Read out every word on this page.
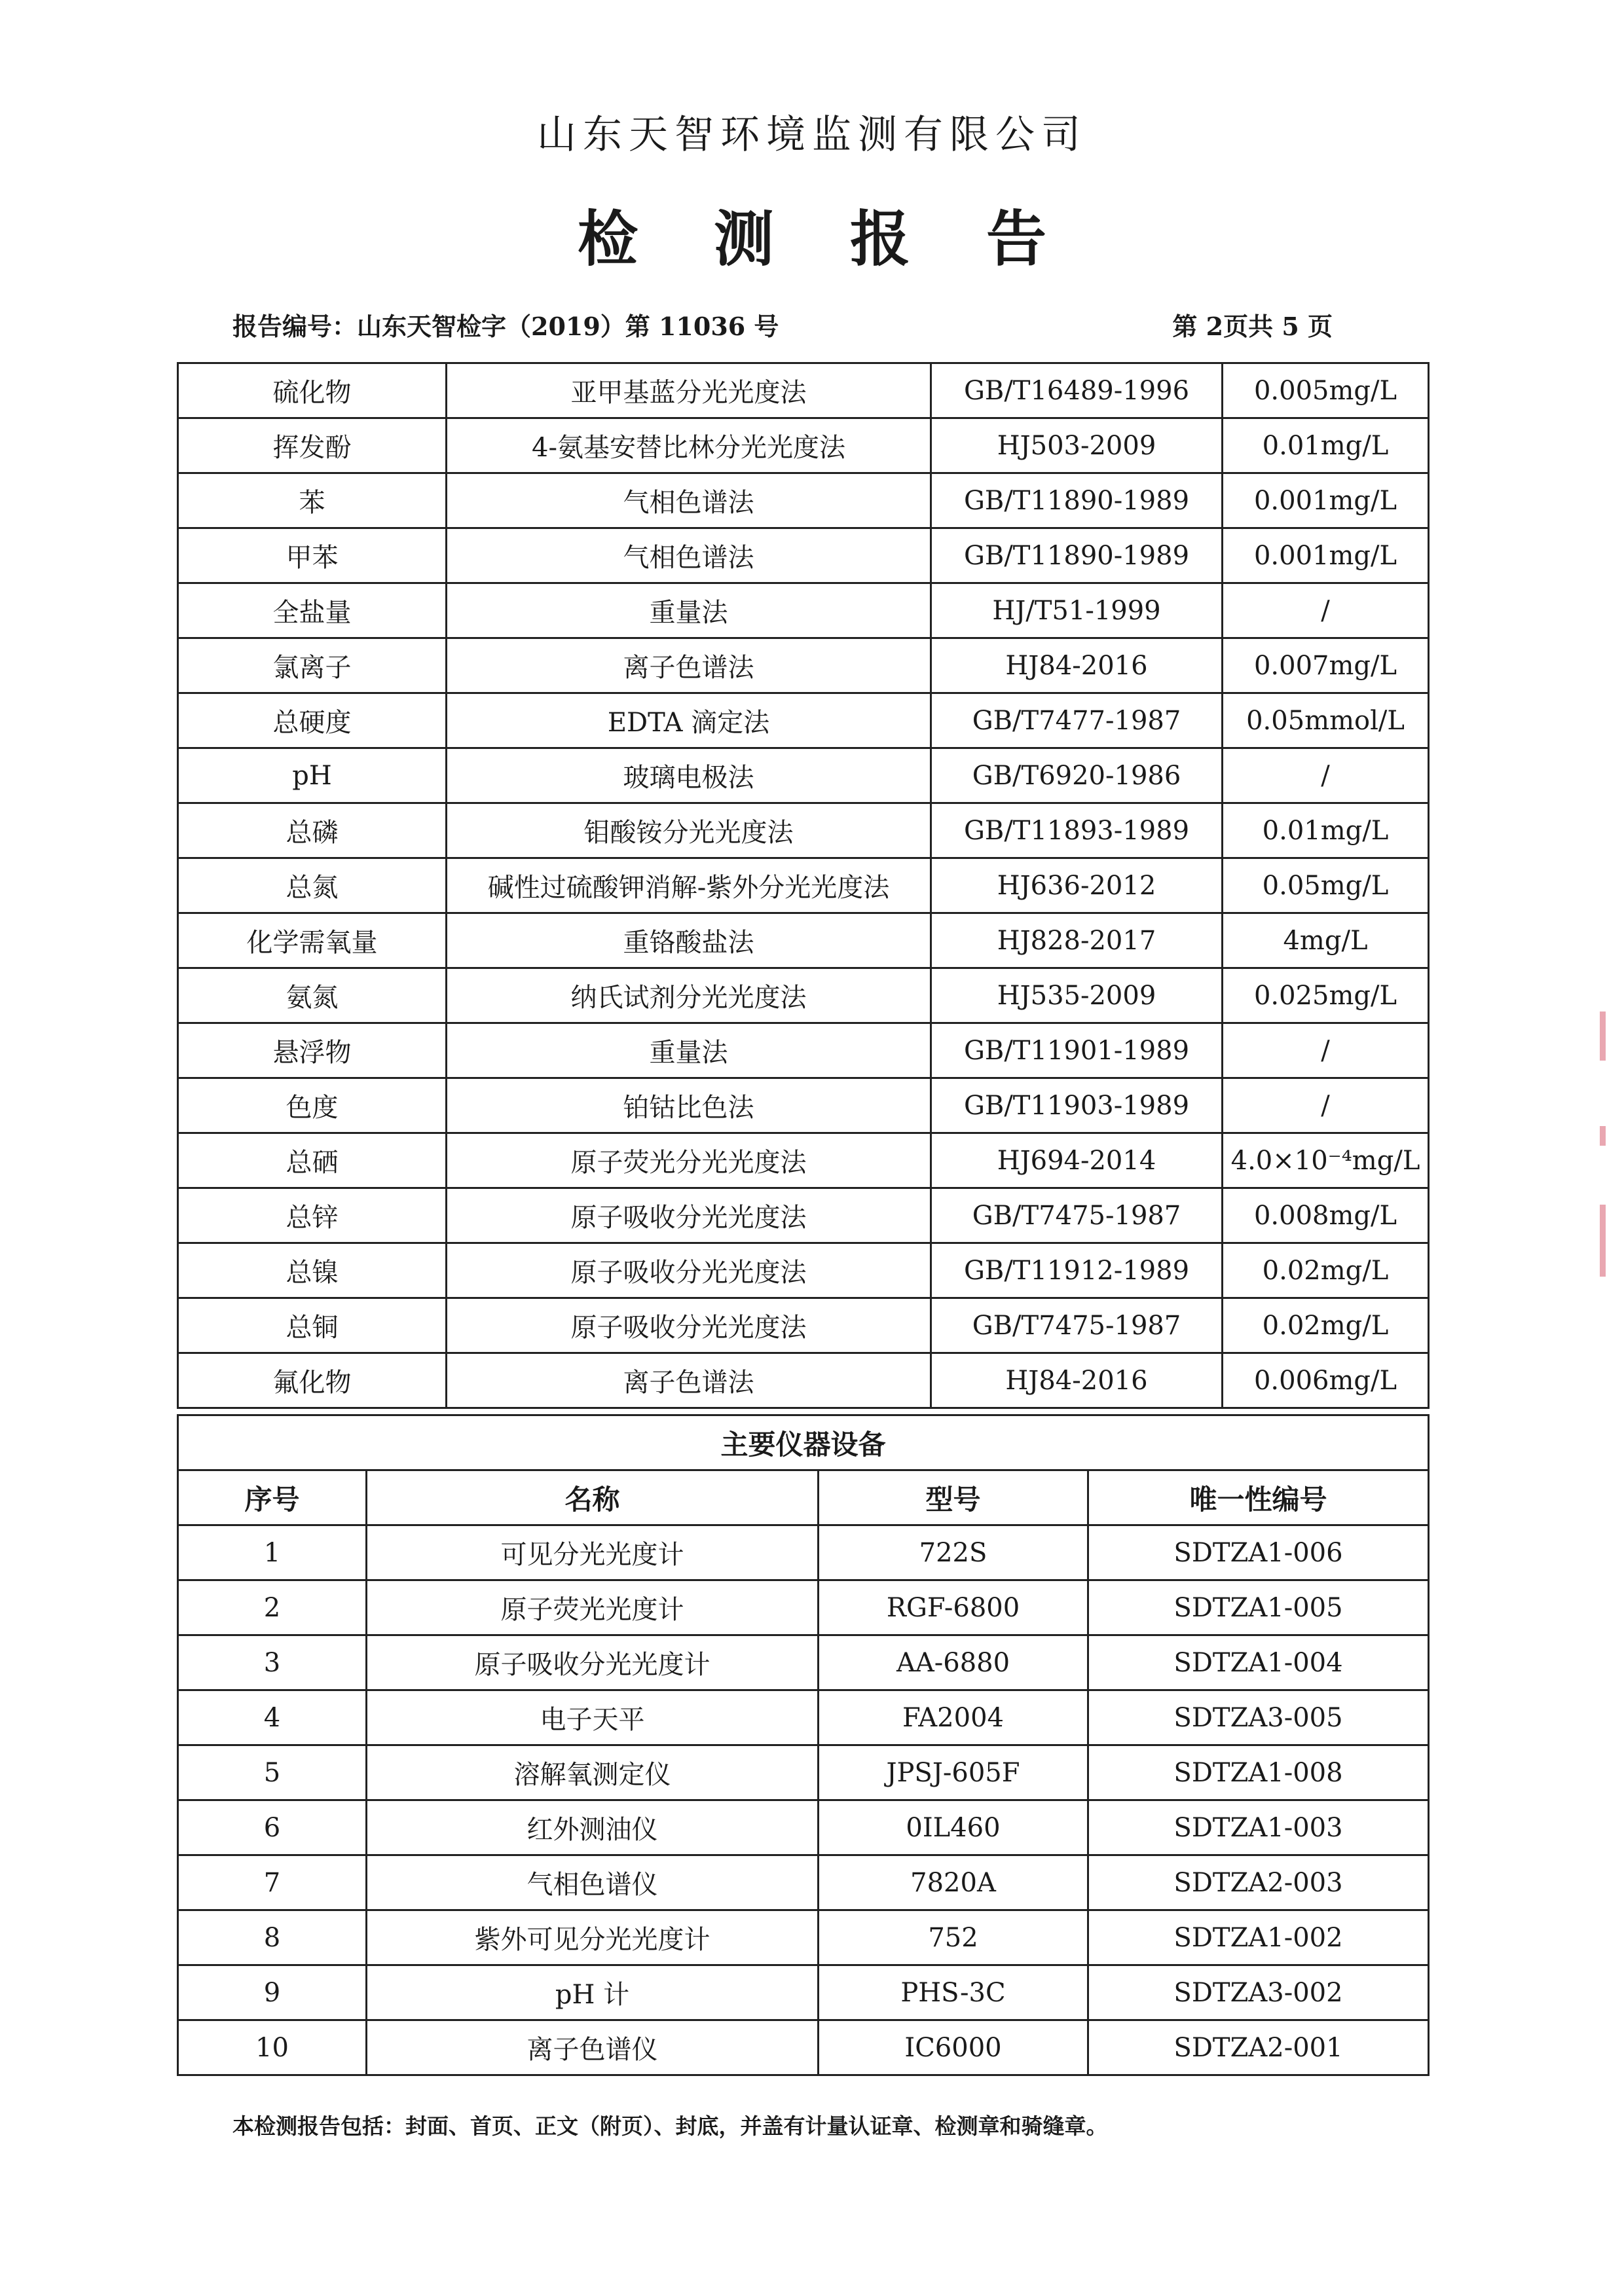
山东天智环境监测有限公司
检 测 报 告
报告编号：山东天智检字（2019）第 11036 号	第 2页共 5 页
硫化物	亚甲基蓝分光光度法	GB/T16489-1996	0.005mg/L
挥发酚	4-氨基安替比林分光光度法	HJ503-2009	0.01mg/L
苯	气相色谱法	GB/T11890-1989	0.001mg/L
甲苯	气相色谱法	GB/T11890-1989	0.001mg/L
全盐量	重量法	HJ/T51-1999	/
氯离子	离子色谱法	HJ84-2016	0.007mg/L
总硬度	EDTA 滴定法	GB/T7477-1987	0.05mmol/L
pH	玻璃电极法	GB/T6920-1986	/
总磷	钼酸铵分光光度法	GB/T11893-1989	0.01mg/L
总氮	碱性过硫酸钾消解-紫外分光光度法	HJ636-2012	0.05mg/L
化学需氧量	重铬酸盐法	HJ828-2017	4mg/L
氨氮	纳氏试剂分光光度法	HJ535-2009	0.025mg/L
悬浮物	重量法	GB/T11901-1989	/
色度	铂钴比色法	GB/T11903-1989	/
总硒	原子荧光分光光度法	HJ694-2014	4.0×10⁻⁴mg/L
总锌	原子吸收分光光度法	GB/T7475-1987	0.008mg/L
总镍	原子吸收分光光度法	GB/T11912-1989	0.02mg/L
总铜	原子吸收分光光度法	GB/T7475-1987	0.02mg/L
氟化物	离子色谱法	HJ84-2016	0.006mg/L
主要仪器设备			
序号	名称	型号	唯一性编号
1	可见分光光度计	722S	SDTZA1-006
2	原子荧光光度计	RGF-6800	SDTZA1-005
3	原子吸收分光光度计	AA-6880	SDTZA1-004
4	电子天平	FA2004	SDTZA3-005
5	溶解氧测定仪	JPSJ-605F	SDTZA1-008
6	红外测油仪	0IL460	SDTZA1-003
7	气相色谱仪	7820A	SDTZA2-003
8	紫外可见分光光度计	752	SDTZA1-002
9	pH 计	PHS-3C	SDTZA3-002
10	离子色谱仪	IC6000	SDTZA2-001
本检测报告包括：封面、首页、正文（附页）、封底，并盖有计量认证章、检测章和骑缝章。
